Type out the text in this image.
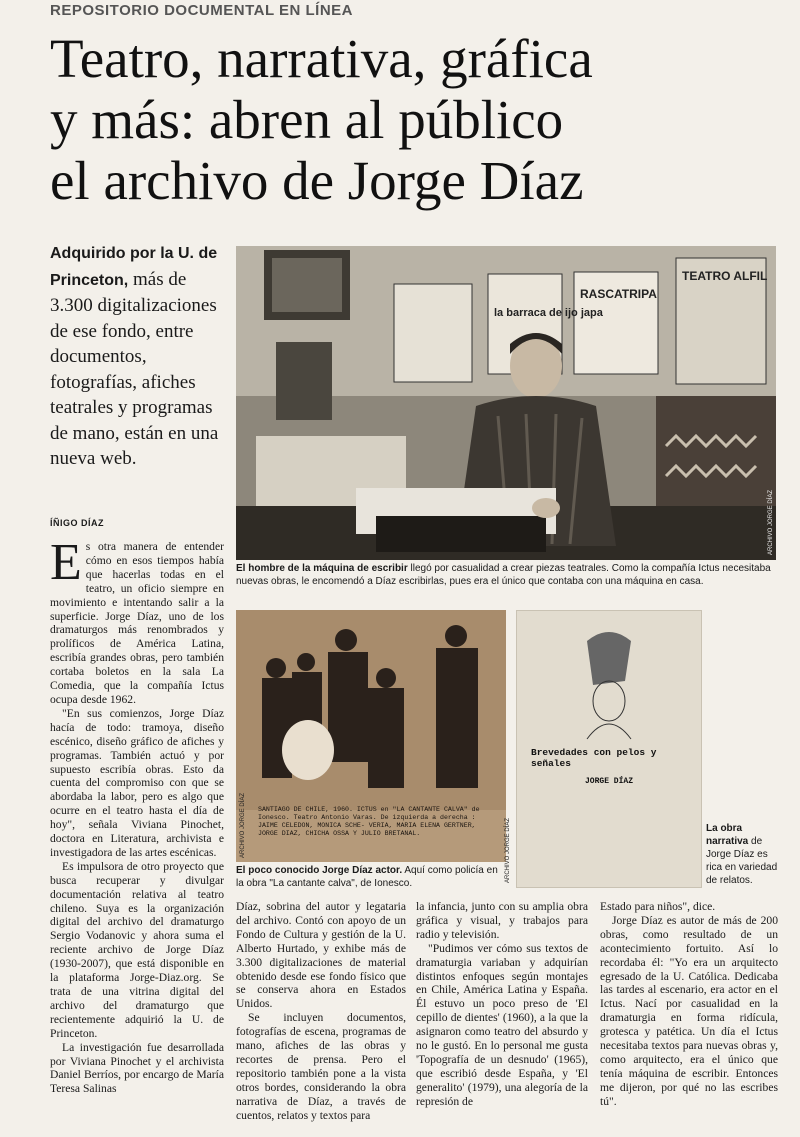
REPOSITORIO DOCUMENTAL EN LÍNEA
Teatro, narrativa, gráfica
y más: abren al público
el archivo de Jorge Díaz
Adquirido por la U. de Princeton, más de 3.300 digitalizaciones de ese fondo, entre documentos, fotografías, afiches teatrales y programas de mano, están en una nueva web.
ÍÑIGO DÍAZ
la barraca de ijo japa
RASCATRIPA
TEATRO ALFIL
ARCHIVO JORGE DÍAZ
El hombre de la máquina de escribir llegó por casualidad a crear piezas teatrales. Como la compañía Ictus necesitaba nuevas obras, le encomendó a Díaz escribirlas, pues era el único que contaba con una máquina en casa.
SANTIAGO DE CHILE, 1960. ICTUS en "LA CANTANTE CALVA" de Ionesco. Teatro Antonio Varas. De izquierda a derecha : JAIME CELEDON, MONICA SCHE- VERIA, MARIA ELENA GERTNER, JORGE DIAZ, CHICHA OSSA Y JULIO BRETANAL.
ARCHIVO JORGE DÍAZ
El poco conocido Jorge Díaz actor. Aquí como policía en la obra "La cantante calva", de Ionesco.
Brevedades con pelos y señales
JORGE DÍAZ
ARCHIVO JORGE DÍAZ	La obra narrativa de Jorge Díaz es rica en variedad de relatos.

Es otra manera de entender cómo en esos tiempos había que hacerlas todas en el teatro, un oficio siempre en movimiento e intentando salir a la superficie. Jorge Díaz, uno de los dramaturgos más renombrados y prolíficos de América Latina, escribía grandes obras, pero también cortaba boletos en la sala La Comedia, que la compañía Ictus ocupa desde 1962.

"En sus comienzos, Jorge Díaz hacía de todo: tramoya, diseño escénico, diseño gráfico de afiches y programas. También actuó y por supuesto escribía obras. Esto da cuenta del compromiso con que se abordaba la labor, pero es algo que ocurre en el teatro hasta el día de hoy", señala Viviana Pinochet, doctora en Literatura, archivista e investigadora de las artes escénicas.

Es impulsora de otro proyecto que busca recuperar y divulgar documentación relativa al teatro chileno. Suya es la organización digital del archivo del dramaturgo Sergio Vodanovic y ahora suma el reciente archivo de Jorge Díaz (1930-2007), que está disponible en la plataforma Jorge-Diaz.org. Se trata de una vitrina digital del archivo del dramaturgo que recientemente adquirió la U. de Princeton.

La investigación fue desarrollada por Viviana Pinochet y el archivista Daniel Berríos, por encargo de María Teresa Salinas

Díaz, sobrina del autor y legataria del archivo. Contó con apoyo de un Fondo de Cultura y gestión de la U. Alberto Hurtado, y exhibe más de 3.300 digitalizaciones de material obtenido desde ese fondo físico que se conserva ahora en Estados Unidos.

Se incluyen documentos, fotografías de escena, programas de mano, afiches de las obras y recortes de prensa. Pero el repositorio también pone a la vista otros bordes, considerando la obra narrativa de Díaz, a través de cuentos, relatos y textos para

la infancia, junto con su amplia obra gráfica y visual, y trabajos para radio y televisión.

"Pudimos ver cómo sus textos de dramaturgia variaban y adquirían distintos enfoques según montajes en Chile, América Latina y España. Él estuvo un poco preso de 'El cepillo de dientes' (1960), a la que la asignaron como teatro del absurdo y no le gustó. En lo personal me gusta 'Topografía de un desnudo' (1965), que escribió desde España, y 'El generalito' (1979), una alegoría de la represión de

Estado para niños", dice.

Jorge Díaz es autor de más de 200 obras, como resultado de un acontecimiento fortuito. Así lo recordaba él: "Yo era un arquitecto egresado de la U. Católica. Dedicaba las tardes al escenario, era actor en el Ictus. Nací por casualidad en la dramaturgia en forma ridícula, grotesca y patética. Un día el Ictus necesitaba textos para nuevas obras y, como arquitecto, era el único que tenía máquina de escribir. Entonces me dijeron, por qué no las escribes tú".
